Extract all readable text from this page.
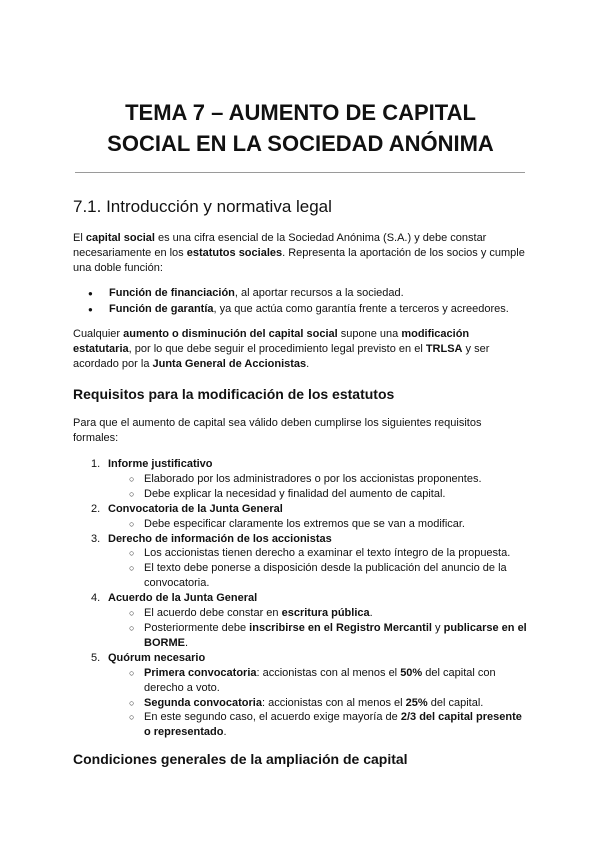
TEMA 7 – AUMENTO DE CAPITAL
SOCIAL EN LA SOCIEDAD ANÓNIMA
7.1. Introducción y normativa legal

El capital social es una cifra esencial de la Sociedad Anónima (S.A.) y debe constar necesariamente en los estatutos sociales. Representa la aportación de los socios y cumple una doble función:

● Función de financiación, al aportar recursos a la sociedad.
● Función de garantía, ya que actúa como garantía frente a terceros y acreedores.

Cualquier aumento o disminución del capital social supone una modificación estatutaria, por lo que debe seguir el procedimiento legal previsto en el TRLSA y ser acordado por la Junta General de Accionistas.

Requisitos para la modificación de los estatutos

Para que el aumento de capital sea válido deben cumplirse los siguientes requisitos formales:

1. Informe justificativo
○ Elaborado por los administradores o por los accionistas proponentes.
○ Debe explicar la necesidad y finalidad del aumento de capital.
2. Convocatoria de la Junta General
○ Debe especificar claramente los extremos que se van a modificar.
3. Derecho de información de los accionistas
○ Los accionistas tienen derecho a examinar el texto íntegro de la propuesta.
○ El texto debe ponerse a disposición desde la publicación del anuncio de la convocatoria.
4. Acuerdo de la Junta General
○ El acuerdo debe constar en escritura pública.
○ Posteriormente debe inscribirse en el Registro Mercantil y publicarse en el BORME.
5. Quórum necesario
○ Primera convocatoria: accionistas con al menos el 50% del capital con derecho a voto.
○ Segunda convocatoria: accionistas con al menos el 25% del capital.
○ En este segundo caso, el acuerdo exige mayoría de 2/3 del capital presente o representado.
Condiciones generales de la ampliación de capital
